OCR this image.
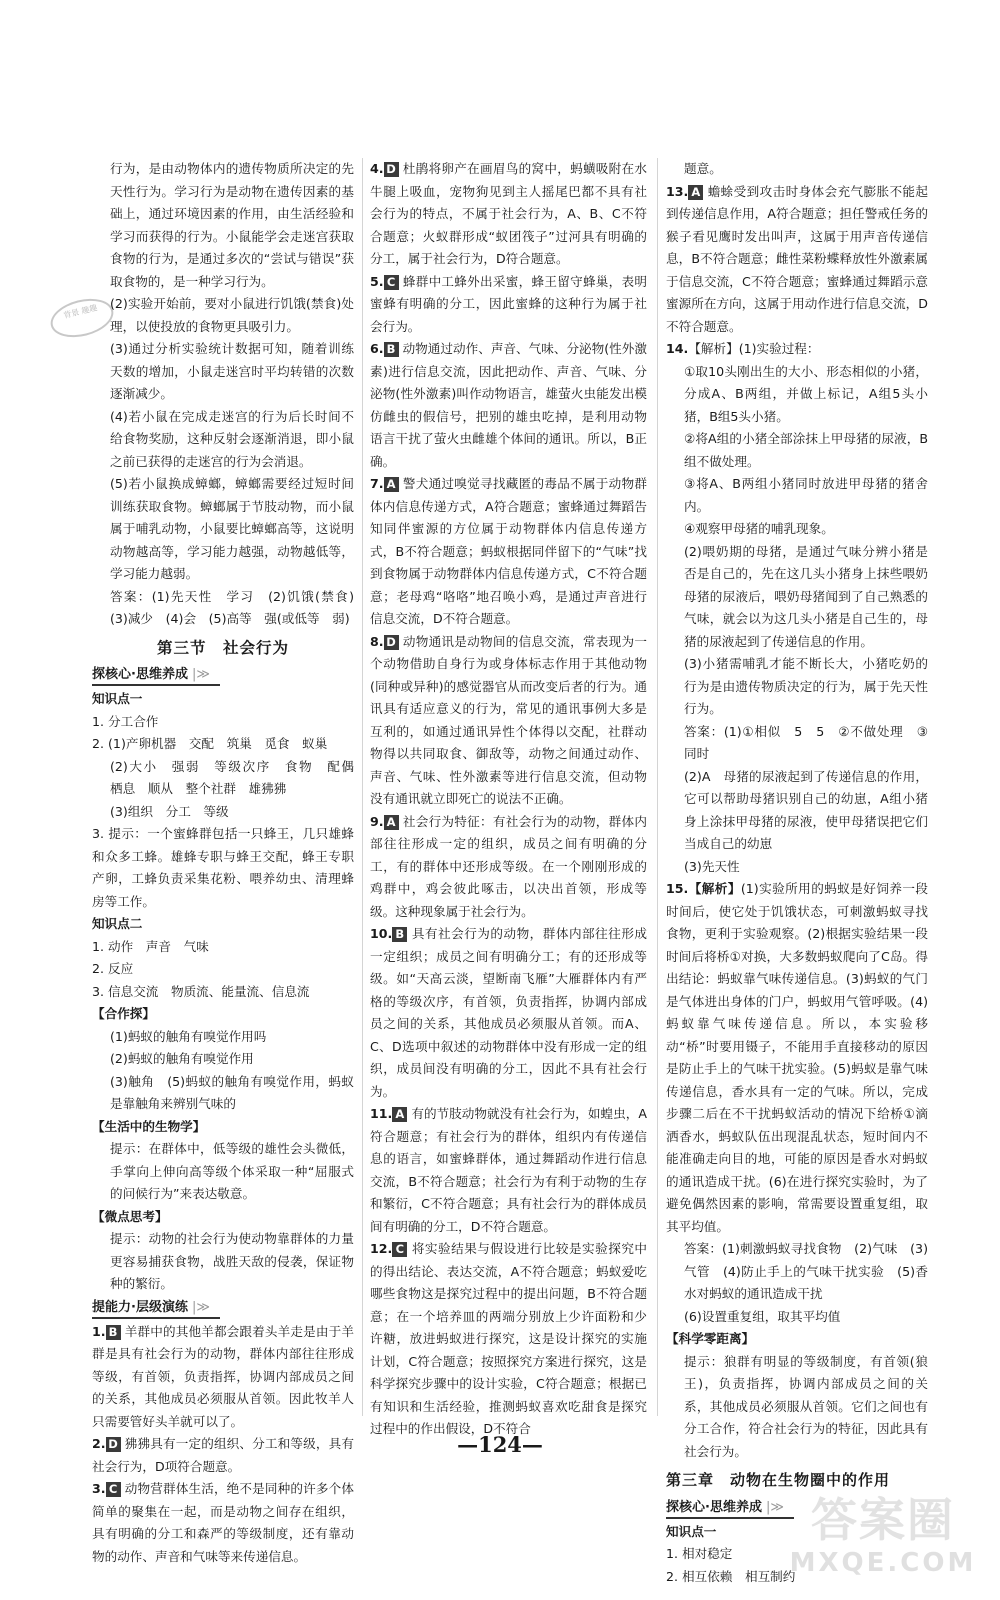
背景 趣趣

行为，是由动物体内的遗传物质所决定的先天性行为。学习行为是动物在遗传因素的基础上，通过环境因素的作用，由生活经验和学习而获得的行为。小鼠能学会走迷宫获取食物的行为，是通过多次的“尝试与错误”获取食物的，是一种学习行为。

(2)实验开始前，要对小鼠进行饥饿(禁食)处理，以使投放的食物更具吸引力。

(3)通过分析实验统计数据可知，随着训练天数的增加，小鼠走迷宫时平均转错的次数逐渐减少。

(4)若小鼠在完成走迷宫的行为后长时间不给食物奖励，这种反射会逐渐消退，即小鼠之前已获得的走迷宫的行为会消退。

(5)若小鼠换成蟑螂，蟑螂需要经过短时间训练获取食物。蟑螂属于节肢动物，而小鼠属于哺乳动物，小鼠要比蟑螂高等，这说明动物越高等，学习能力越强，动物越低等，学习能力越弱。

答案：(1)先天性　学习　(2)饥饿(禁食)　(3)减少　(4)会　(5)高等　强(或低等　弱)

第三节　社会行为
探核心·思维养成 |≫

知识点一

1. 分工合作

2. (1)产卵机器　交配　筑巢　觅食　蚁巢

(2)大小　强弱　等级次序　食物　配偶　栖息　顺从　整个社群　雄狒狒

(3)组织　分工　等级

3. 提示：一个蜜蜂群包括一只蜂王，几只雄蜂和众多工蜂。雄蜂专职与蜂王交配，蜂王专职产卵，工蜂负责采集花粉、喂养幼虫、清理蜂房等工作。

知识点二

1. 动作　声音　气味

2. 反应

3. 信息交流　物质流、能量流、信息流

【合作探】

(1)蚂蚁的触角有嗅觉作用吗

(2)蚂蚁的触角有嗅觉作用

(3)触角　(5)蚂蚁的触角有嗅觉作用，蚂蚁是靠触角来辨别气味的

【生活中的生物学】

提示：在群体中，低等级的雄性会头微低，手掌向上伸向高等级个体采取一种“屈服式的问候行为”来表达敬意。

【微点思考】

提示：动物的社会行为使动物靠群体的力量更容易捕获食物，战胜天敌的侵袭，保证物种的繁衍。

提能力·层级演练 |≫

1. B 羊群中的其他羊都会跟着头羊走是由于羊群是具有社会行为的动物，群体内部往往形成等级，有首领，负责指挥，协调内部成员之间的关系，其他成员必须服从首领。因此牧羊人只需要管好头羊就可以了。

2. D 狒狒具有一定的组织、分工和等级，具有社会行为，D项符合题意。

3. C 动物营群体生活，绝不是同种的许多个体简单的聚集在一起，而是动物之间存在组织，具有明确的分工和森严的等级制度，还有靠动物的动作、声音和气味等来传递信息。

4. D 杜鹃将卵产在画眉鸟的窝中，蚂蟥吸附在水牛腿上吸血，宠物狗见到主人摇尾巴都不具有社会行为的特点，不属于社会行为，A、B、C不符合题意；火蚁群形成“蚁团筏子”过河具有明确的分工，属于社会行为，D符合题意。

5. C 蜂群中工蜂外出采蜜，蜂王留守蜂巢，表明蜜蜂有明确的分工，因此蜜蜂的这种行为属于社会行为。

6. B 动物通过动作、声音、气味、分泌物(性外激素)进行信息交流，因此把动作、声音、气味、分泌物(性外激素)叫作动物语言，雄萤火虫能发出模仿雌虫的假信号，把别的雄虫吃掉，是利用动物语言干扰了萤火虫雌雄个体间的通讯。所以，B正确。

7. A 警犬通过嗅觉寻找藏匿的毒品不属于动物群体内信息传递方式，A符合题意；蜜蜂通过舞蹈告知同伴蜜源的方位属于动物群体内信息传递方式，B不符合题意；蚂蚁根据同伴留下的“气味”找到食物属于动物群体内信息传递方式，C不符合题意；老母鸡“咯咯”地召唤小鸡，是通过声音进行信息交流，D不符合题意。

8. D 动物通讯是动物间的信息交流，常表现为一个动物借助自身行为或身体标志作用于其他动物(同种或异种)的感觉器官从而改变后者的行为。通讯具有适应意义的行为，常见的通讯事例大多是互利的，如通过通讯异性个体得以交配，社群动物得以共同取食、御敌等，动物之间通过动作、声音、气味、性外激素等进行信息交流，但动物没有通讯就立即死亡的说法不正确。

9. A 社会行为特征：有社会行为的动物，群体内部往往形成一定的组织，成员之间有明确的分工，有的群体中还形成等级。在一个刚刚形成的鸡群中，鸡会彼此啄击，以决出首领，形成等级。这种现象属于社会行为。

10. B 具有社会行为的动物，群体内部往往形成一定组织；成员之间有明确分工；有的还形成等级。如“天高云淡，望断南飞雁”大雁群体内有严格的等级次序，有首领，负责指挥，协调内部成员之间的关系，其他成员必须服从首领。而A、C、D选项中叙述的动物群体中没有形成一定的组织，成员间没有明确的分工，因此不具有社会行为。

11. A 有的节肢动物就没有社会行为，如蝗虫，A符合题意；有社会行为的群体，组织内有传递信息的语言，如蜜蜂群体，通过舞蹈动作进行信息交流，B不符合题意；社会行为有利于动物的生存和繁衍，C不符合题意；具有社会行为的群体成员间有明确的分工，D不符合题意。

12. C 将实验结果与假设进行比较是实验探究中的得出结论、表达交流，A不符合题意；蚂蚁爱吃哪些食物这是探究过程中的提出问题，B不符合题意；在一个培养皿的两端分别放上少许面粉和少许糖，放进蚂蚁进行探究，这是设计探究的实施计划，C符合题意；按照探究方案进行探究，这是科学探究步骤中的设计实验，C符合题意；根据已有知识和生活经验，推测蚂蚁喜欢吃甜食是探究过程中的作出假设，D不符合

题意。

13. A 蟾蜍受到攻击时身体会充气膨胀不能起到传递信息作用，A符合题意；担任警戒任务的猴子看见鹰时发出叫声，这属于用声音传递信息，B不符合题意；雌性菜粉蝶释放性外激素属于信息交流，C不符合题意；蜜蜂通过舞蹈示意蜜源所在方向，这属于用动作进行信息交流，D不符合题意。

14.【解析】(1)实验过程：

①取10头刚出生的大小、形态相似的小猪，分成A、B两组，并做上标记，A组5头小猪，B组5头小猪。

②将A组的小猪全部涂抹上甲母猪的尿液，B组不做处理。

③将A、B两组小猪同时放进甲母猪的猪舍内。

④观察甲母猪的哺乳现象。

(2)喂奶期的母猪，是通过气味分辨小猪是否是自己的，先在这几头小猪身上抹些喂奶母猪的尿液后，喂奶母猪闻到了自己熟悉的气味，就会以为这几头小猪是自己生的，母猪的尿液起到了传递信息的作用。

(3)小猪需哺乳才能不断长大，小猪吃奶的行为是由遗传物质决定的行为，属于先天性行为。

答案：(1)①相似　5　5　②不做处理　③同时

(2)A　母猪的尿液起到了传递信息的作用，它可以帮助母猪识别自己的幼崽，A组小猪身上涂抹甲母猪的尿液，使甲母猪误把它们当成自己的幼崽

(3)先天性

15.【解析】(1)实验所用的蚂蚁是好饲养一段时间后，使它处于饥饿状态，可刺激蚂蚁寻找食物，更利于实验观察。(2)根据实验结果一段时间后将桥①对换，大多数蚂蚁爬向了C岛。得出结论：蚂蚁靠气味传递信息。(3)蚂蚁的气门是气体进出身体的门户，蚂蚁用气管呼吸。(4)蚂蚁靠气味传递信息。所以，本实验移动“桥”时要用镊子，不能用手直接移动的原因是防止手上的气味干扰实验。(5)蚂蚁是靠气味传递信息，香水具有一定的气味。所以，完成步骤二后在不干扰蚂蚁活动的情况下给桥①滴洒香水，蚂蚁队伍出现混乱状态，短时间内不能准确走向目的地，可能的原因是香水对蚂蚁的通讯造成干扰。(6)在进行探究实验时，为了避免偶然因素的影响，常需要设置重复组，取其平均值。

答案：(1)刺激蚂蚁寻找食物　(2)气味　(3)气管　(4)防止手上的气味干扰实验　(5)香水对蚂蚁的通讯造成干扰

(6)设置重复组，取其平均值

【科学零距离】

提示：狼群有明显的等级制度，有首领(狼王)，负责指挥，协调内部成员之间的关系，其他成员必须服从首领。它们之间也有分工合作，符合社会行为的特征，因此具有社会行为。

第三章　动物在生物圈中的作用
探核心·思维养成 |≫

知识点一

1. 相对稳定

2. 相互依赖　相互制约

—124—
答案圈
MXQE.COM
